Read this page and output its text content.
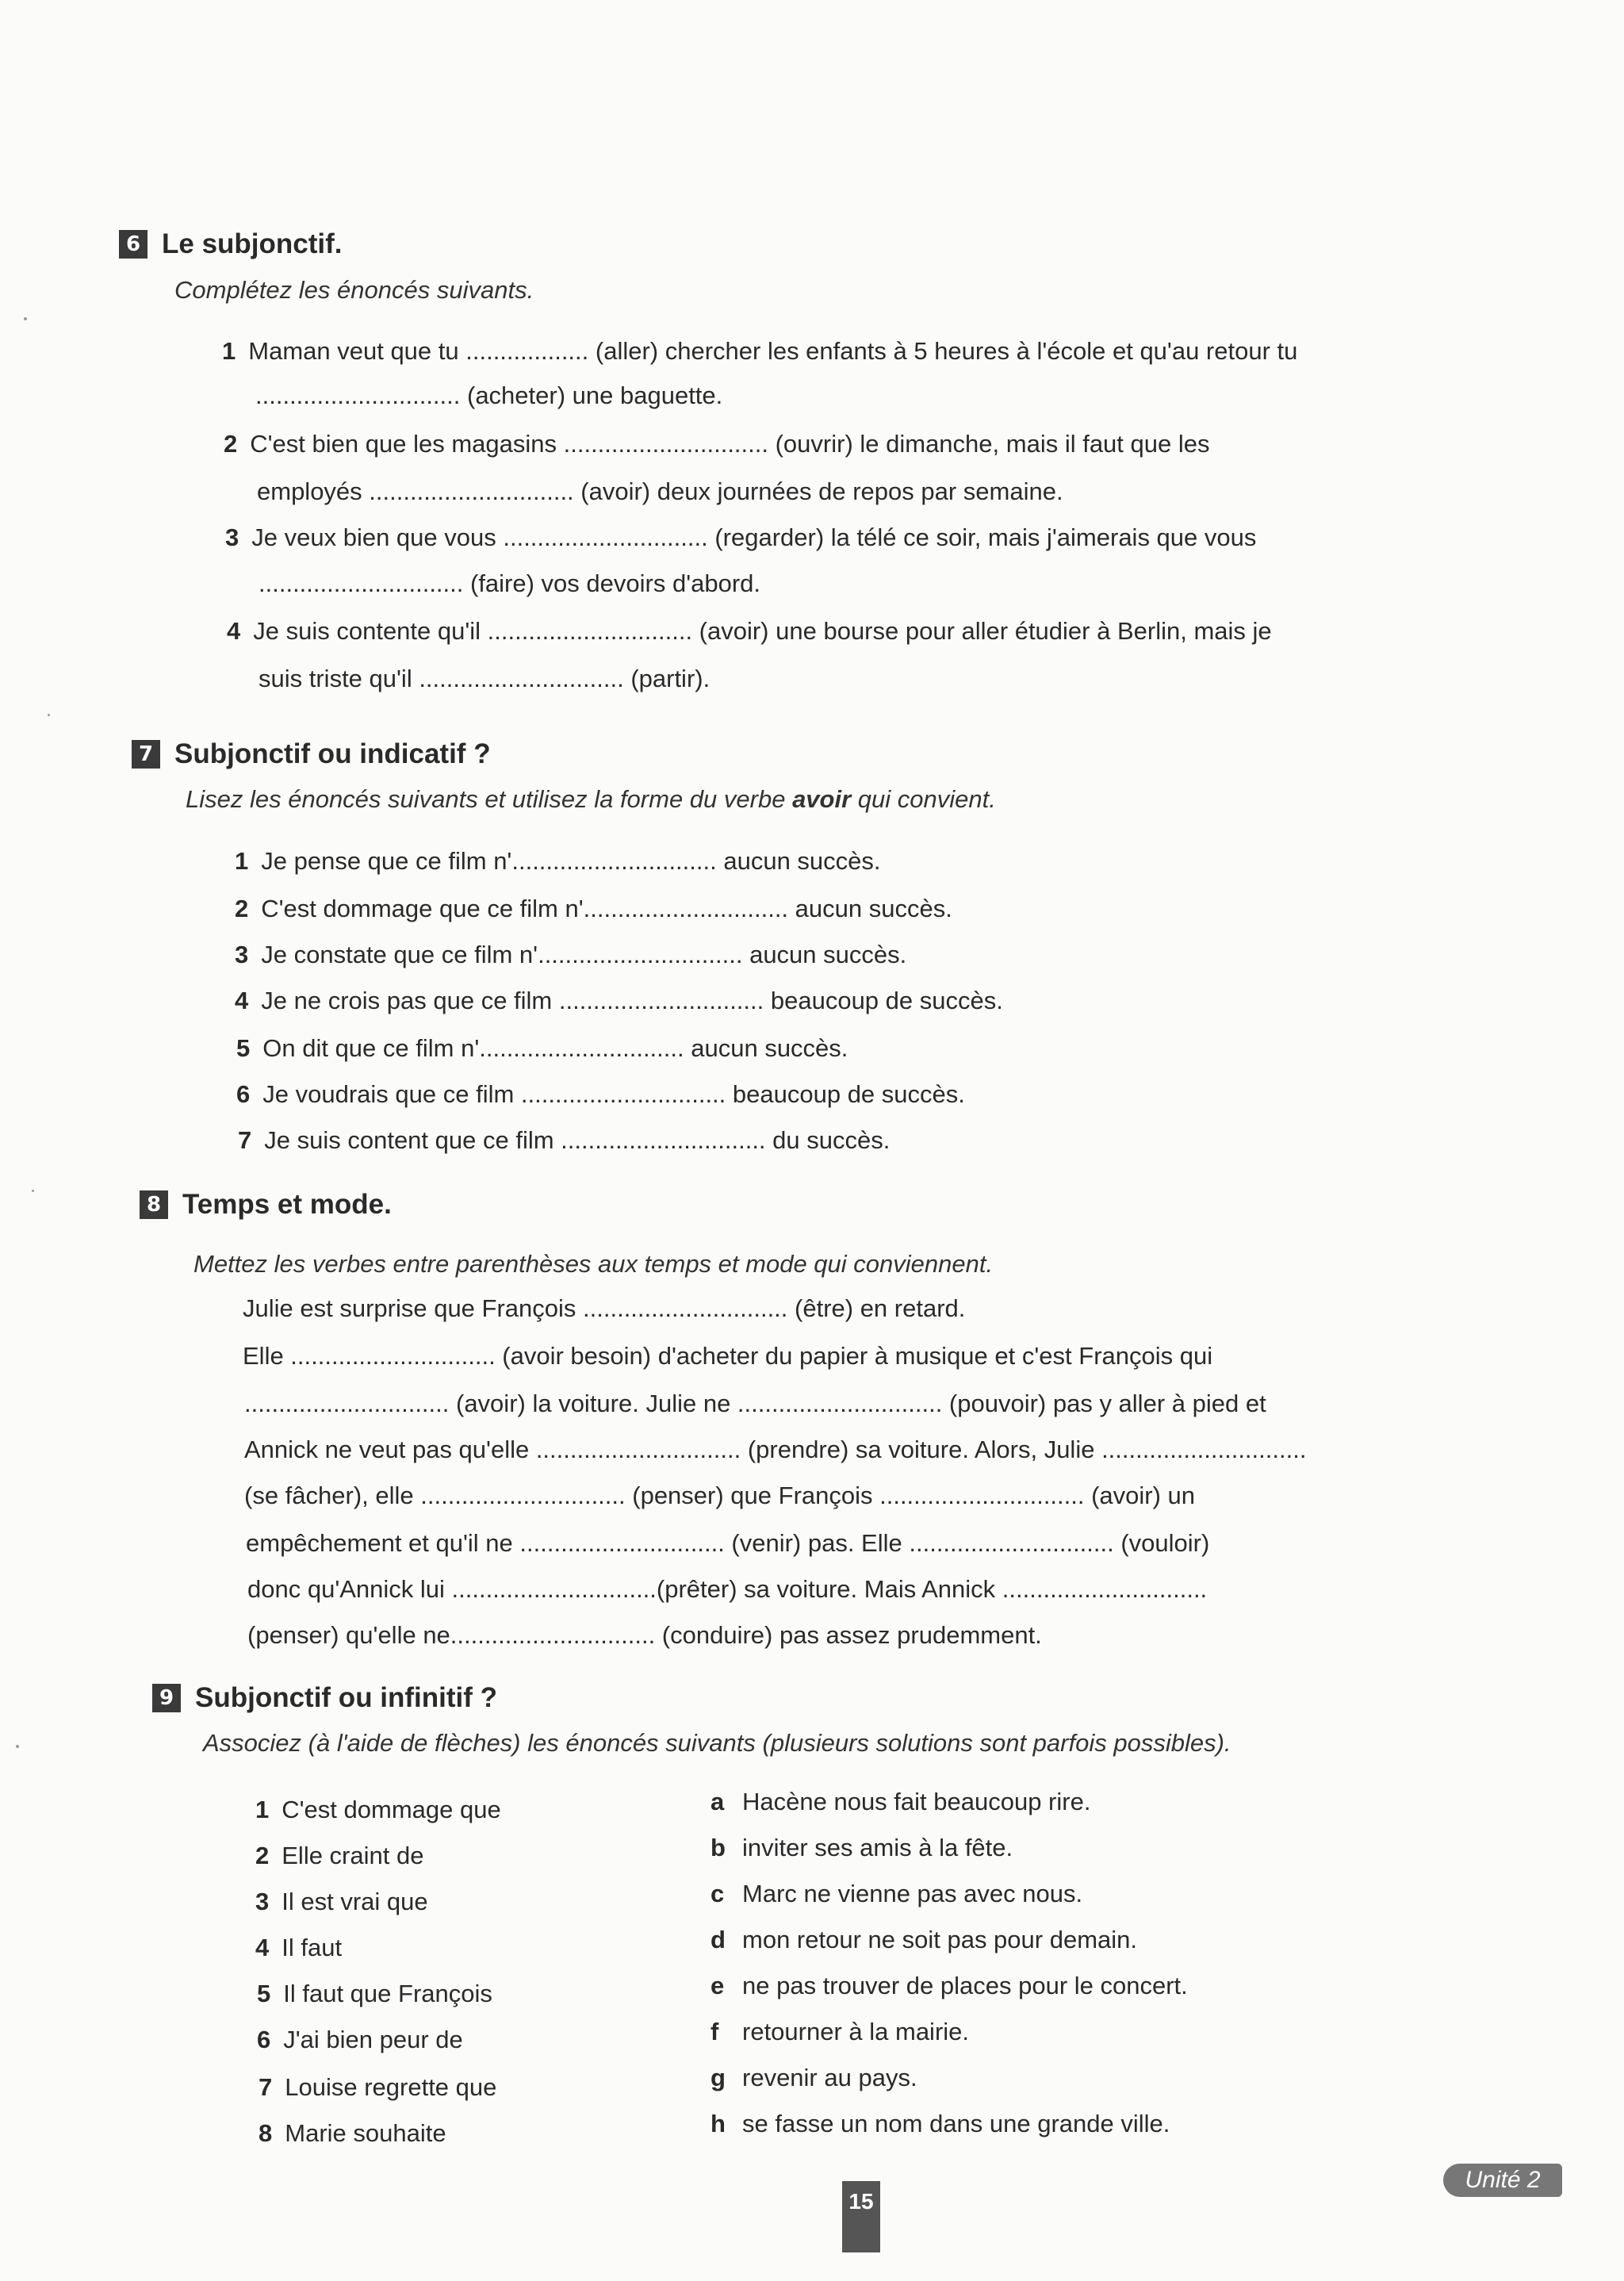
6 Le subjonctif.
Complétez les énoncés suivants.
1 Maman veut que tu .................. (aller) chercher les enfants à 5 heures à l'école et qu'au retour tu
.............................. (acheter) une baguette.
2 C'est bien que les magasins .............................. (ouvrir) le dimanche, mais il faut que les
employés .............................. (avoir) deux journées de repos par semaine.
3 Je veux bien que vous .............................. (regarder) la télé ce soir, mais j'aimerais que vous
.............................. (faire) vos devoirs d'abord.
4 Je suis contente qu'il .............................. (avoir) une bourse pour aller étudier à Berlin, mais je
suis triste qu'il .............................. (partir).
7 Subjonctif ou indicatif ?
Lisez les énoncés suivants et utilisez la forme du verbe avoir qui convient.
1 Je pense que ce film n'.............................. aucun succès.
2 C'est dommage que ce film n'.............................. aucun succès.
3 Je constate que ce film n'.............................. aucun succès.
4 Je ne crois pas que ce film .............................. beaucoup de succès.
5 On dit que ce film n'.............................. aucun succès.
6 Je voudrais que ce film .............................. beaucoup de succès.
7 Je suis content que ce film .............................. du succès.
8 Temps et mode.
Mettez les verbes entre parenthèses aux temps et mode qui conviennent.
Julie est surprise que François .............................. (être) en retard.
Elle .............................. (avoir besoin) d'acheter du papier à musique et c'est François qui
.............................. (avoir) la voiture. Julie ne .............................. (pouvoir) pas y aller à pied et
Annick ne veut pas qu'elle .............................. (prendre) sa voiture. Alors, Julie ..............................
(se fâcher), elle .............................. (penser) que François .............................. (avoir) un
empêchement et qu'il ne .............................. (venir) pas. Elle .............................. (vouloir)
donc qu'Annick lui ..............................(prêter) sa voiture. Mais Annick ..............................
(penser) qu'elle ne.............................. (conduire) pas assez prudemment.
9 Subjonctif ou infinitif ?
Associez (à l'aide de flèches) les énoncés suivants (plusieurs solutions sont parfois possibles).
1 C'est dommage que
2 Elle craint de
3 Il est vrai que
4 Il faut
5 Il faut que François
6 J'ai bien peur de
7 Louise regrette que
8 Marie souhaite
a Hacène nous fait beaucoup rire.
b inviter ses amis à la fête.
c Marc ne vienne pas avec nous.
d mon retour ne soit pas pour demain.
e ne pas trouver de places pour le concert.
f retourner à la mairie.
g revenir au pays.
h se fasse un nom dans une grande ville.
Unité 2
15
